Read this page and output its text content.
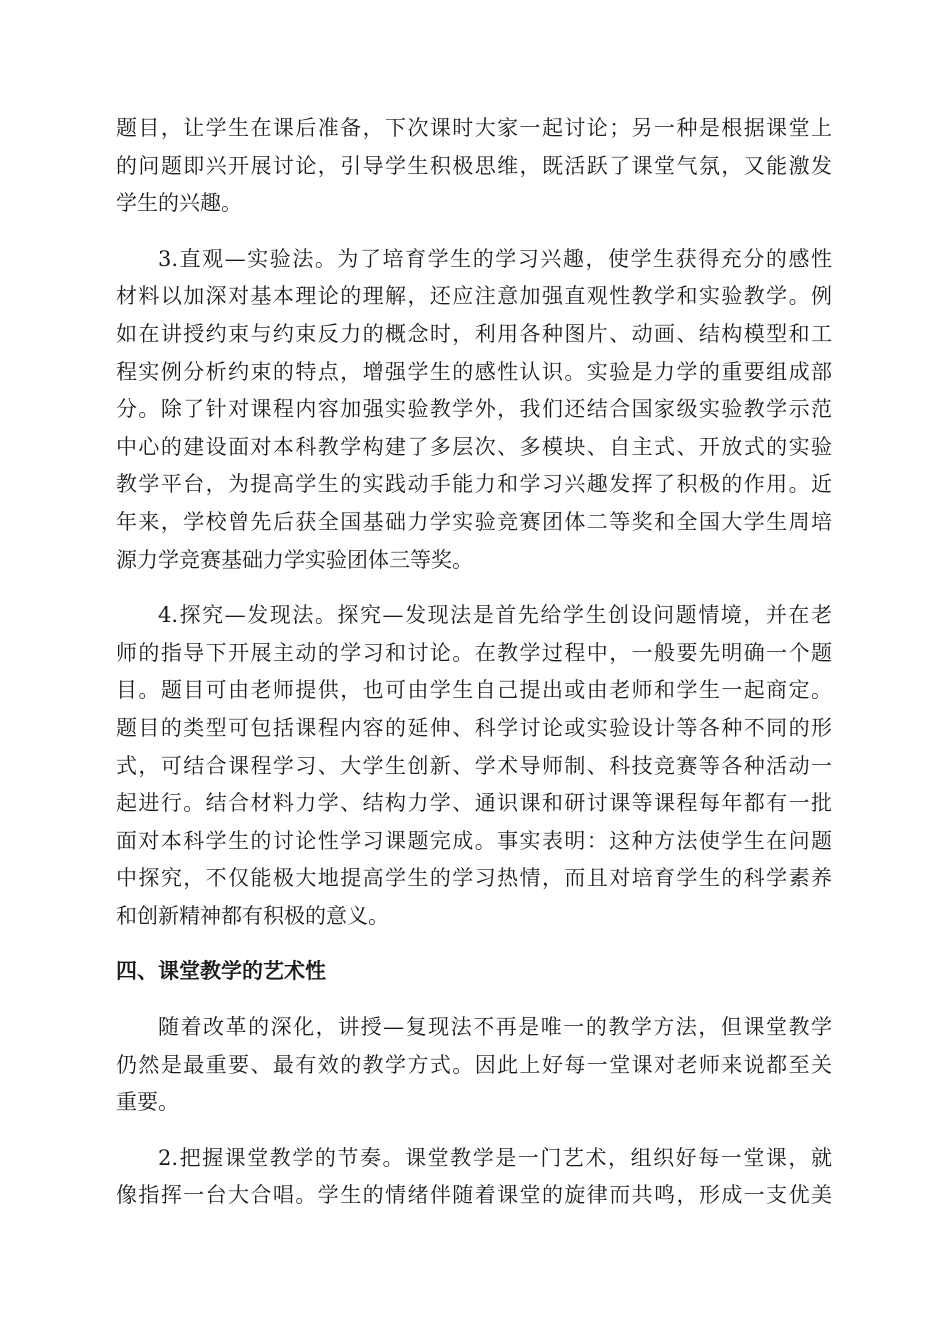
题目，让学生在课后准备，下次课时大家一起讨论；另一种是根据课堂上
的问题即兴开展讨论，引导学生积极思维，既活跃了课堂气氛，又能激发
学生的兴趣。
3.直观—实验法。为了培育学生的学习兴趣，使学生获得充分的感性
材料以加深对基本理论的理解，还应注意加强直观性教学和实验教学。例
如在讲授约束与约束反力的概念时，利用各种图片、动画、结构模型和工
程实例分析约束的特点，增强学生的感性认识。实验是力学的重要组成部
分。除了针对课程内容加强实验教学外，我们还结合国家级实验教学示范
中心的建设面对本科教学构建了多层次、多模块、自主式、开放式的实验
教学平台，为提高学生的实践动手能力和学习兴趣发挥了积极的作用。近
年来，学校曾先后获全国基础力学实验竞赛团体二等奖和全国大学生周培
源力学竞赛基础力学实验团体三等奖。
4.探究—发现法。探究—发现法是首先给学生创设问题情境，并在老
师的指导下开展主动的学习和讨论。在教学过程中，一般要先明确一个题
目。题目可由老师提供，也可由学生自己提出或由老师和学生一起商定。
题目的类型可包括课程内容的延伸、科学讨论或实验设计等各种不同的形
式，可结合课程学习、大学生创新、学术导师制、科技竞赛等各种活动一
起进行。结合材料力学、结构力学、通识课和研讨课等课程每年都有一批
面对本科学生的讨论性学习课题完成。事实表明：这种方法使学生在问题
中探究，不仅能极大地提高学生的学习热情，而且对培育学生的科学素养
和创新精神都有积极的意义。
四、课堂教学的艺术性
随着改革的深化，讲授—复现法不再是唯一的教学方法，但课堂教学
仍然是最重要、最有效的教学方式。因此上好每一堂课对老师来说都至关
重要。
2.把握课堂教学的节奏。课堂教学是一门艺术，组织好每一堂课，就
像指挥一台大合唱。学生的情绪伴随着课堂的旋律而共鸣，形成一支优美
